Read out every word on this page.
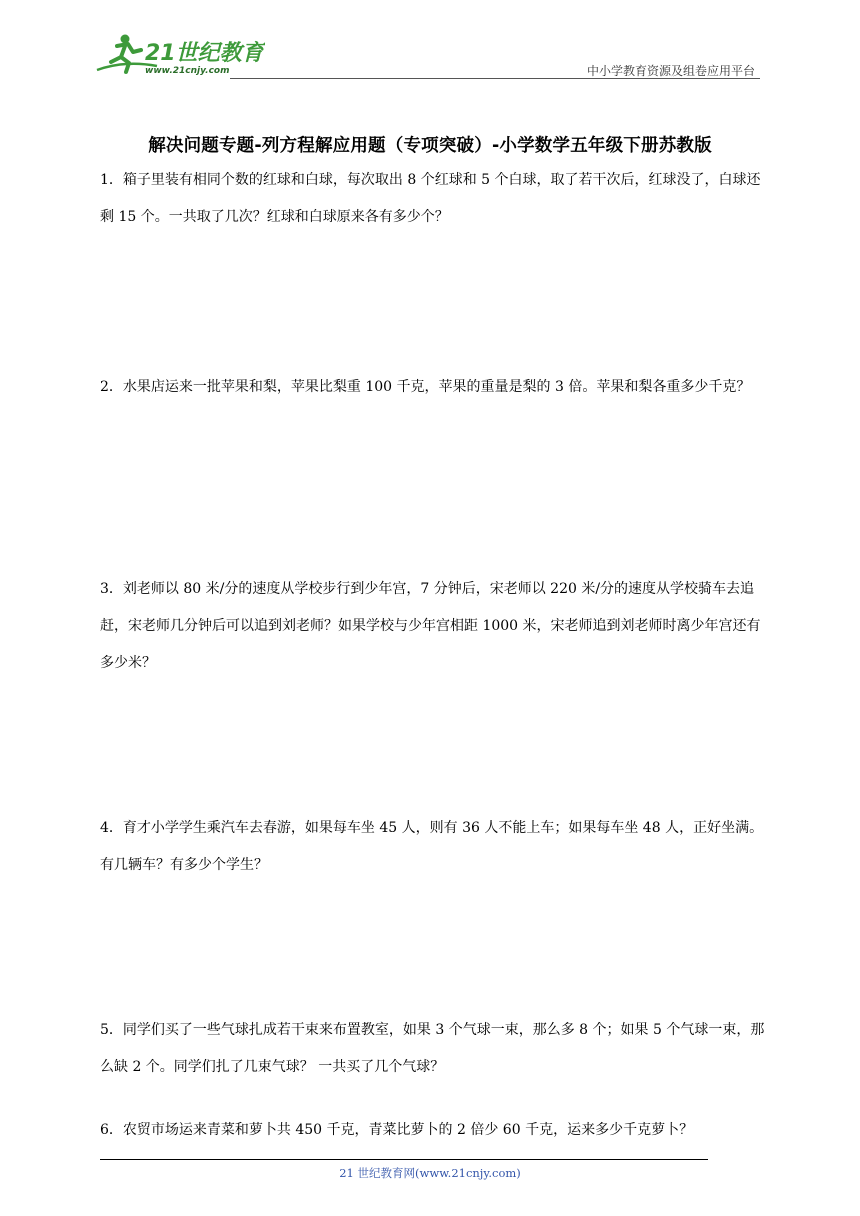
21世纪教育
www.21cnjy.com	中小学教育资源及组卷应用平台
解决问题专题-列方程解应用题（专项突破）-小学数学五年级下册苏教版
1．箱子里装有相同个数的红球和白球，每次取出 8 个红球和 5 个白球，取了若干次后，红球没了，白球还剩 15 个。一共取了几次？红球和白球原来各有多少个？
2．水果店运来一批苹果和梨，苹果比梨重 100 千克，苹果的重量是梨的 3 倍。苹果和梨各重多少千克？
3．刘老师以 80 米/分的速度从学校步行到少年宫，7 分钟后，宋老师以 220 米/分的速度从学校骑车去追赶，宋老师几分钟后可以追到刘老师？如果学校与少年宫相距 1000 米，宋老师追到刘老师时离少年宫还有多少米？
4．育才小学学生乘汽车去春游，如果每车坐 45 人，则有 36 人不能上车；如果每车坐 48 人，正好坐满。有几辆车？有多少个学生？
5．同学们买了一些气球扎成若干束来布置教室，如果 3 个气球一束，那么多 8 个；如果 5 个气球一束，那么缺 2 个。同学们扎了几束气球？ 一共买了几个气球？
6．农贸市场运来青菜和萝卜共 450 千克，青菜比萝卜的 2 倍少 60 千克，运来多少千克萝卜？
21 世纪教育网(www.21cnjy.com)
